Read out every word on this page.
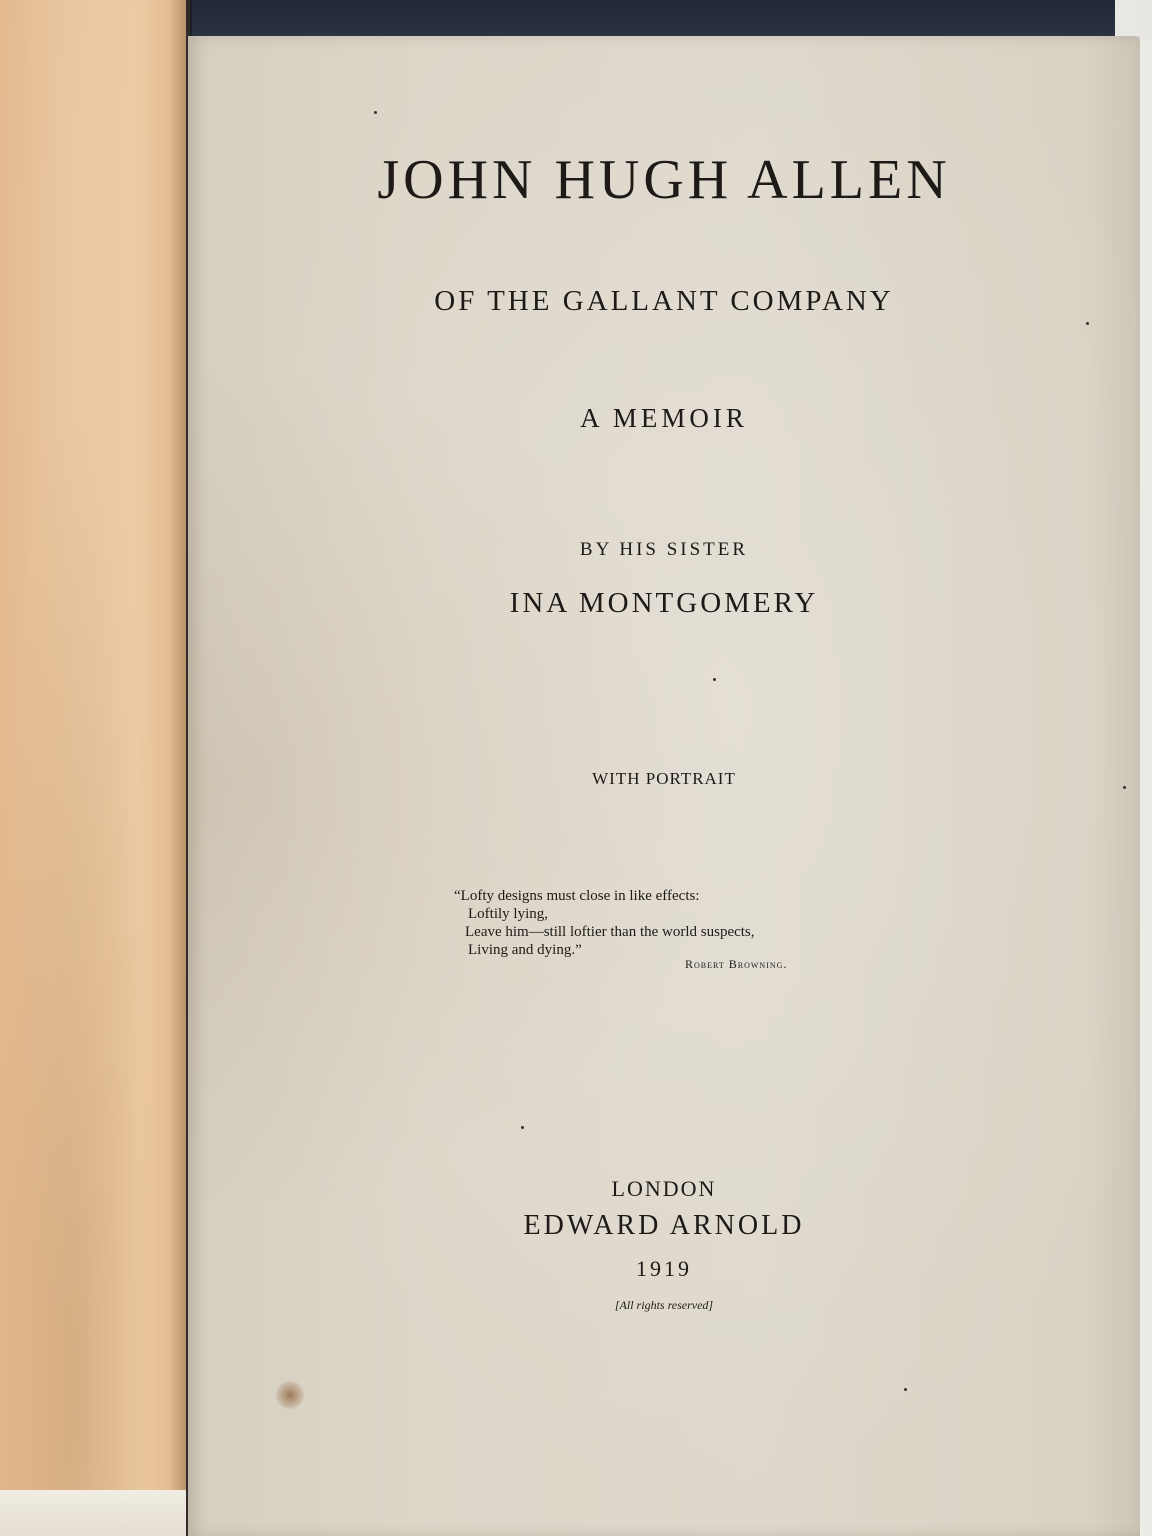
JOHN HUGH ALLEN
OF THE GALLANT COMPANY
A MEMOIR
BY HIS SISTER
INA MONTGOMERY
WITH PORTRAIT
“Lofty designs must close in like effects:
Loftily lying,
Leave him—still loftier than the world suspects,
Living and dying.”
Robert Browning.
LONDON
EDWARD ARNOLD
1919
[All rights reserved]
